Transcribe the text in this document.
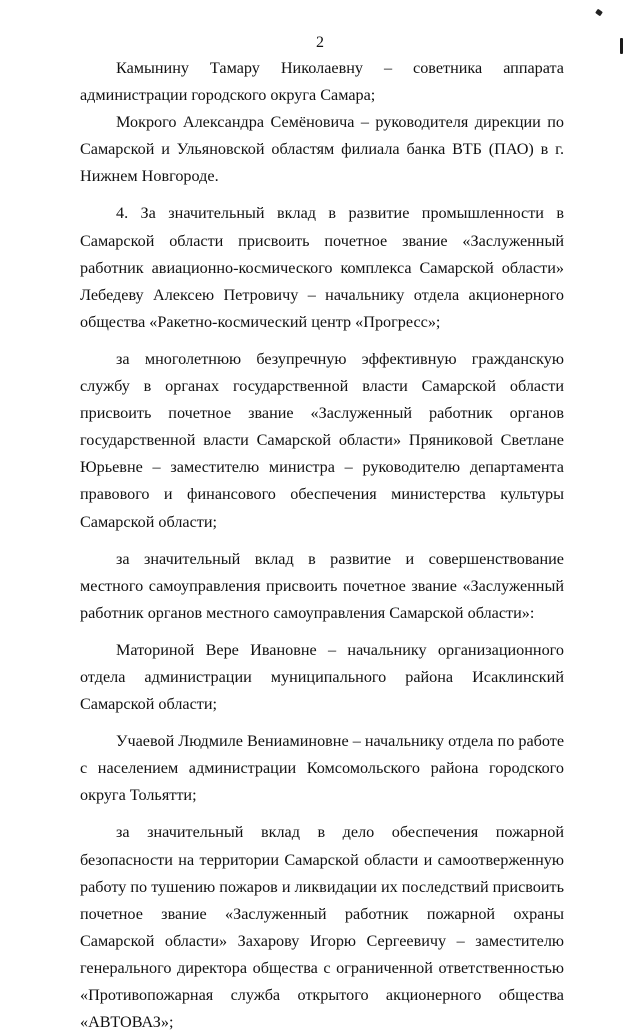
2

Камынину Тамару Николаевну – советника аппарата администрации городского округа Самара;

Мокрого Александра Семёновича – руководителя дирекции по Самарской и Ульяновской областям филиала банка ВТБ (ПАО) в г. Нижнем Новгороде.

4. За значительный вклад в развитие промышленности в Самарской области присвоить почетное звание «Заслуженный работник авиационно-космического комплекса Самарской области» Лебедеву Алексею Петровичу – начальнику отдела акционерного общества «Ракетно-космический центр «Прогресс»;

за многолетнюю безупречную эффективную гражданскую службу в органах государственной власти Самарской области присвоить почетное звание «Заслуженный работник органов государственной власти Самарской области» Пряниковой Светлане Юрьевне – заместителю министра – руководителю департамента правового и финансового обеспечения министерства культуры Самарской области;

за значительный вклад в развитие и совершенствование местного самоуправления присвоить почетное звание «Заслуженный работник органов местного самоуправления Самарской области»:

Маториной Вере Ивановне – начальнику организационного отдела администрации муниципального района Исаклинский Самарской области;

Учаевой Людмиле Вениаминовне – начальнику отдела по работе с населением администрации Комсомольского района городского округа Тольятти;

за значительный вклад в дело обеспечения пожарной безопасности на территории Самарской области и самоотверженную работу по тушению пожаров и ликвидации их последствий присвоить почетное звание «Заслуженный работник пожарной охраны Самарской области» Захарову Игорю Сергеевичу – заместителю генерального директора общества с ограниченной ответственностью «Противопожарная служба открытого акционерного общества «АВТОВАЗ»;
